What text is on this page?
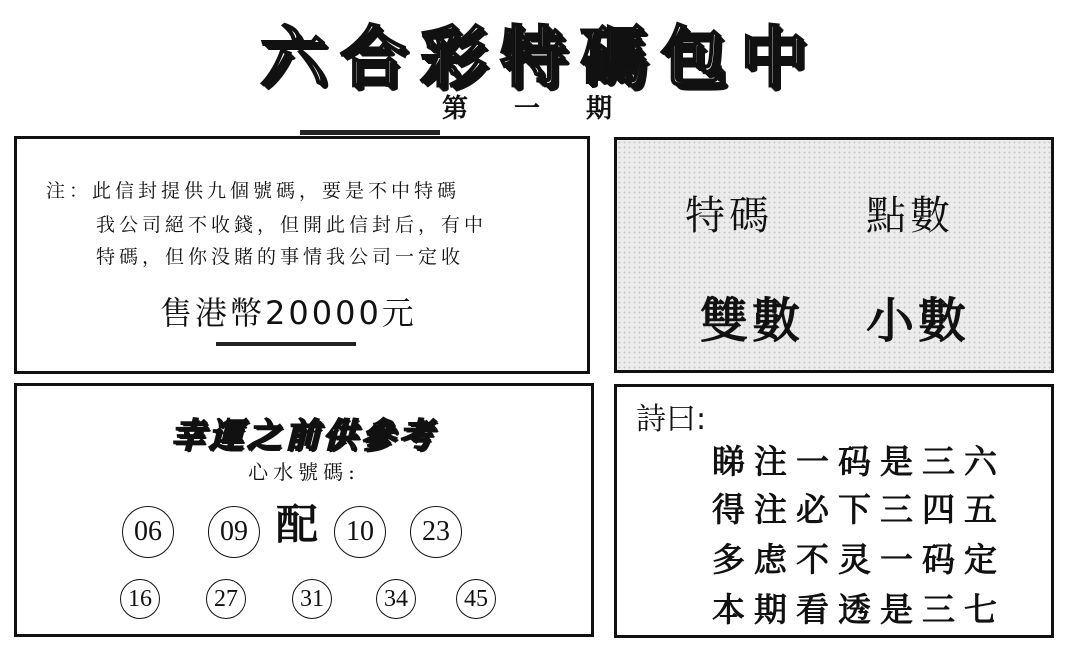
六合彩特碼包中
第一期
注：此信封提供九個號碼，要是不中特碼
我公司絕不收錢，但開此信封后，有中
特碼，但你没賭的事情我公司一定收
售港幣20000元
特碼 點數
雙數 小數
幸運之前供參考
心水號碼:
配
06	09	10	23
16	27	31	34	45
詩曰:
睇注一码是三六
得注必下三四五
多虑不灵一码定
本期看透是三七
